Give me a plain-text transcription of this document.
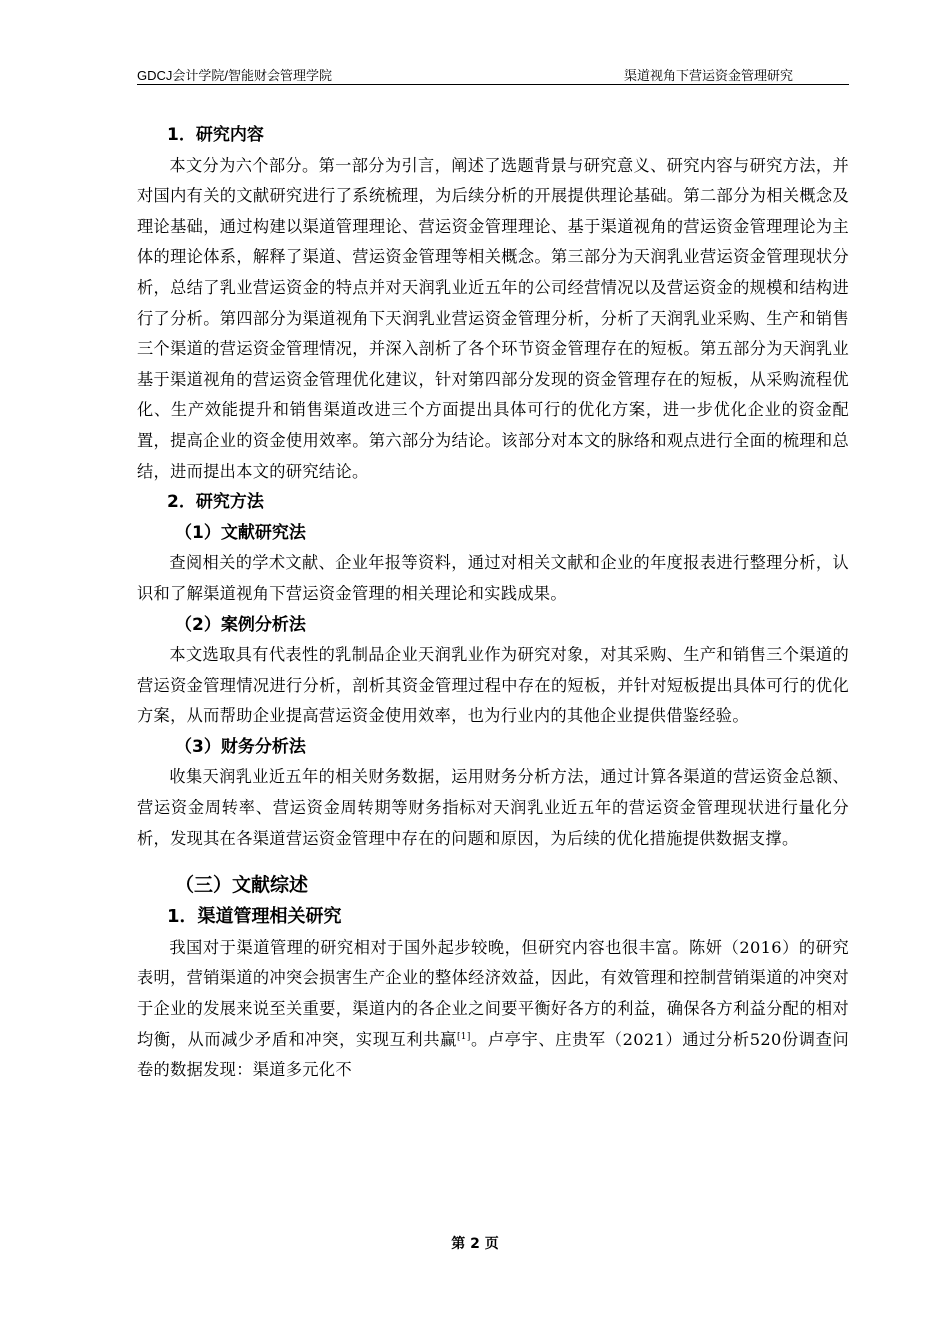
GDCJ会计学院/智能财会管理学院	渠道视角下营运资金管理研究
1．研究内容

本文分为六个部分。第一部分为引言，阐述了选题背景与研究意义、研究内容与研究方法，并对国内有关的文献研究进行了系统梳理，为后续分析的开展提供理论基础。第二部分为相关概念及理论基础，通过构建以渠道管理理论、营运资金管理理论、基于渠道视角的营运资金管理理论为主体的理论体系，解释了渠道、营运资金管理等相关概念。第三部分为天润乳业营运资金管理现状分析，总结了乳业营运资金的特点并对天润乳业近五年的公司经营情况以及营运资金的规模和结构进行了分析。第四部分为渠道视角下天润乳业营运资金管理分析，分析了天润乳业采购、生产和销售三个渠道的营运资金管理情况，并深入剖析了各个环节资金管理存在的短板。第五部分为天润乳业基于渠道视角的营运资金管理优化建议，针对第四部分发现的资金管理存在的短板，从采购流程优化、生产效能提升和销售渠道改进三个方面提出具体可行的优化方案，进一步优化企业的资金配置，提高企业的资金使用效率。第六部分为结论。该部分对本文的脉络和观点进行全面的梳理和总结，进而提出本文的研究结论。

2．研究方法
（1）文献研究法

查阅相关的学术文献、企业年报等资料，通过对相关文献和企业的年度报表进行整理分析，认识和了解渠道视角下营运资金管理的相关理论和实践成果。

（2）案例分析法

本文选取具有代表性的乳制品企业天润乳业作为研究对象，对其采购、生产和销售三个渠道的营运资金管理情况进行分析，剖析其资金管理过程中存在的短板，并针对短板提出具体可行的优化方案，从而帮助企业提高营运资金使用效率，也为行业内的其他企业提供借鉴经验。

（3）财务分析法

收集天润乳业近五年的相关财务数据，运用财务分析方法，通过计算各渠道的营运资金总额、营运资金周转率、营运资金周转期等财务指标对天润乳业近五年的营运资金管理现状进行量化分析，发现其在各渠道营运资金管理中存在的问题和原因，为后续的优化措施提供数据支撑。

（三）文献综述
1．渠道管理相关研究

我国对于渠道管理的研究相对于国外起步较晚，但研究内容也很丰富。陈妍（2016）的研究表明，营销渠道的冲突会损害生产企业的整体经济效益，因此，有效管理和控制营销渠道的冲突对于企业的发展来说至关重要，渠道内的各企业之间要平衡好各方的利益，确保各方利益分配的相对均衡，从而减少矛盾和冲突，实现互利共赢[1]。卢亭宇、庄贵军（2021）通过分析520份调查问卷的数据发现：渠道多元化不

第 2 页
